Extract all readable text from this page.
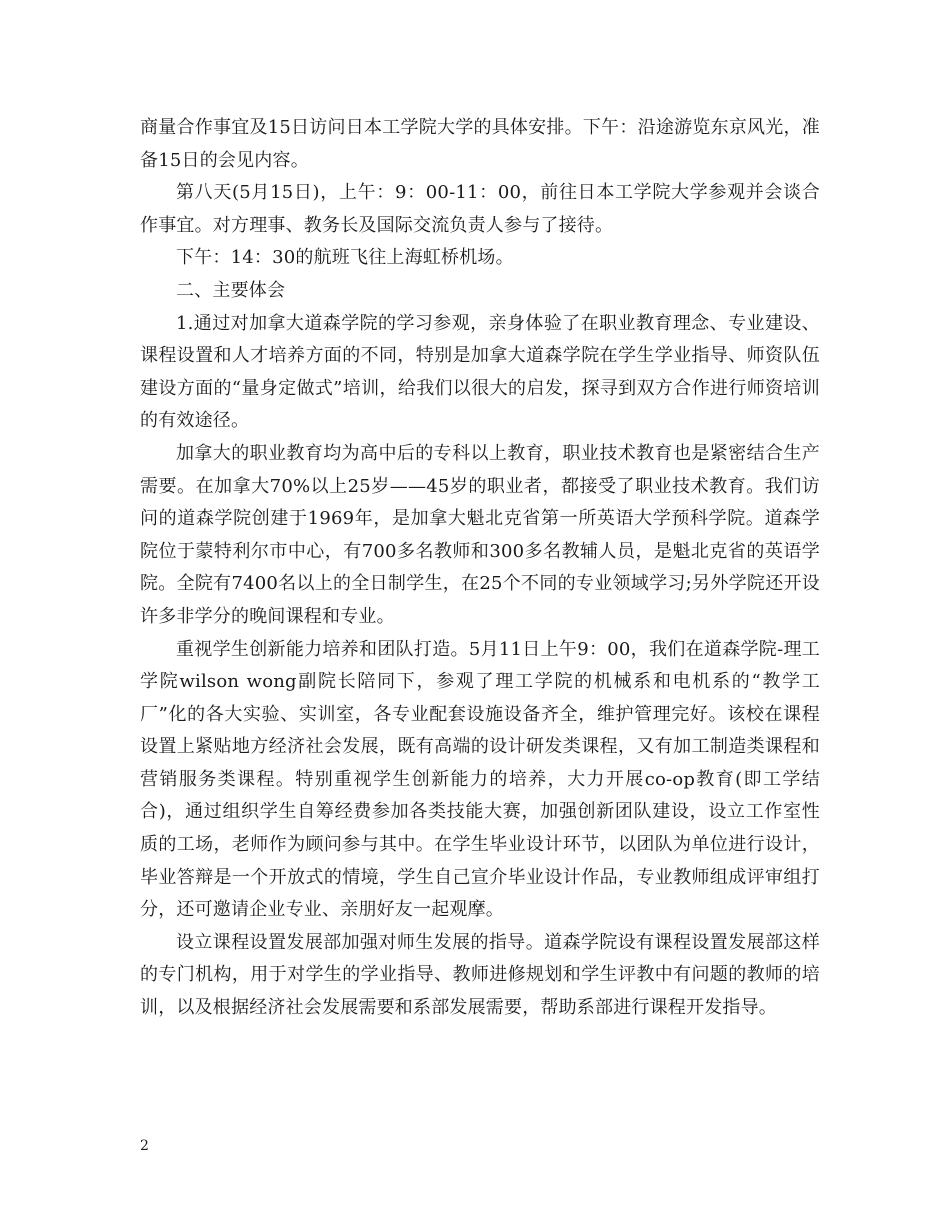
商量合作事宜及15日访问日本工学院大学的具体安排。下午：沿途游览东京风光，准备15日的会见内容。

第八天(5月15日)，上午：9：00-11：00，前往日本工学院大学参观并会谈合作事宜。对方理事、教务长及国际交流负责人参与了接待。

下午：14：30的航班飞往上海虹桥机场。

二、主要体会

1.通过对加拿大道森学院的学习参观，亲身体验了在职业教育理念、专业建设、课程设置和人才培养方面的不同，特别是加拿大道森学院在学生学业指导、师资队伍建设方面的“量身定做式”培训，给我们以很大的启发，探寻到双方合作进行师资培训的有效途径。

加拿大的职业教育均为高中后的专科以上教育，职业技术教育也是紧密结合生产需要。在加拿大70%以上25岁——45岁的职业者，都接受了职业技术教育。我们访问的道森学院创建于1969年，是加拿大魁北克省第一所英语大学预科学院。道森学院位于蒙特利尔市中心，有700多名教师和300多名教辅人员，是魁北克省的英语学院。全院有7400名以上的全日制学生，在25个不同的专业领域学习;另外学院还开设许多非学分的晚间课程和专业。

重视学生创新能力培养和团队打造。5月11日上午9：00，我们在道森学院-理工学院wilson wong副院长陪同下，参观了理工学院的机械系和电机系的“教学工厂”化的各大实验、实训室，各专业配套设施设备齐全，维护管理完好。该校在课程设置上紧贴地方经济社会发展，既有高端的设计研发类课程，又有加工制造类课程和营销服务类课程。特别重视学生创新能力的培养，大力开展co-op教育(即工学结合)，通过组织学生自筹经费参加各类技能大赛，加强创新团队建设，设立工作室性质的工场，老师作为顾问参与其中。在学生毕业设计环节，以团队为单位进行设计，毕业答辩是一个开放式的情境，学生自己宣介毕业设计作品，专业教师组成评审组打分，还可邀请企业专业、亲朋好友一起观摩。

设立课程设置发展部加强对师生发展的指导。道森学院设有课程设置发展部这样的专门机构，用于对学生的学业指导、教师进修规划和学生评教中有问题的教师的培训，以及根据经济社会发展需要和系部发展需要，帮助系部进行课程开发指导。

2
